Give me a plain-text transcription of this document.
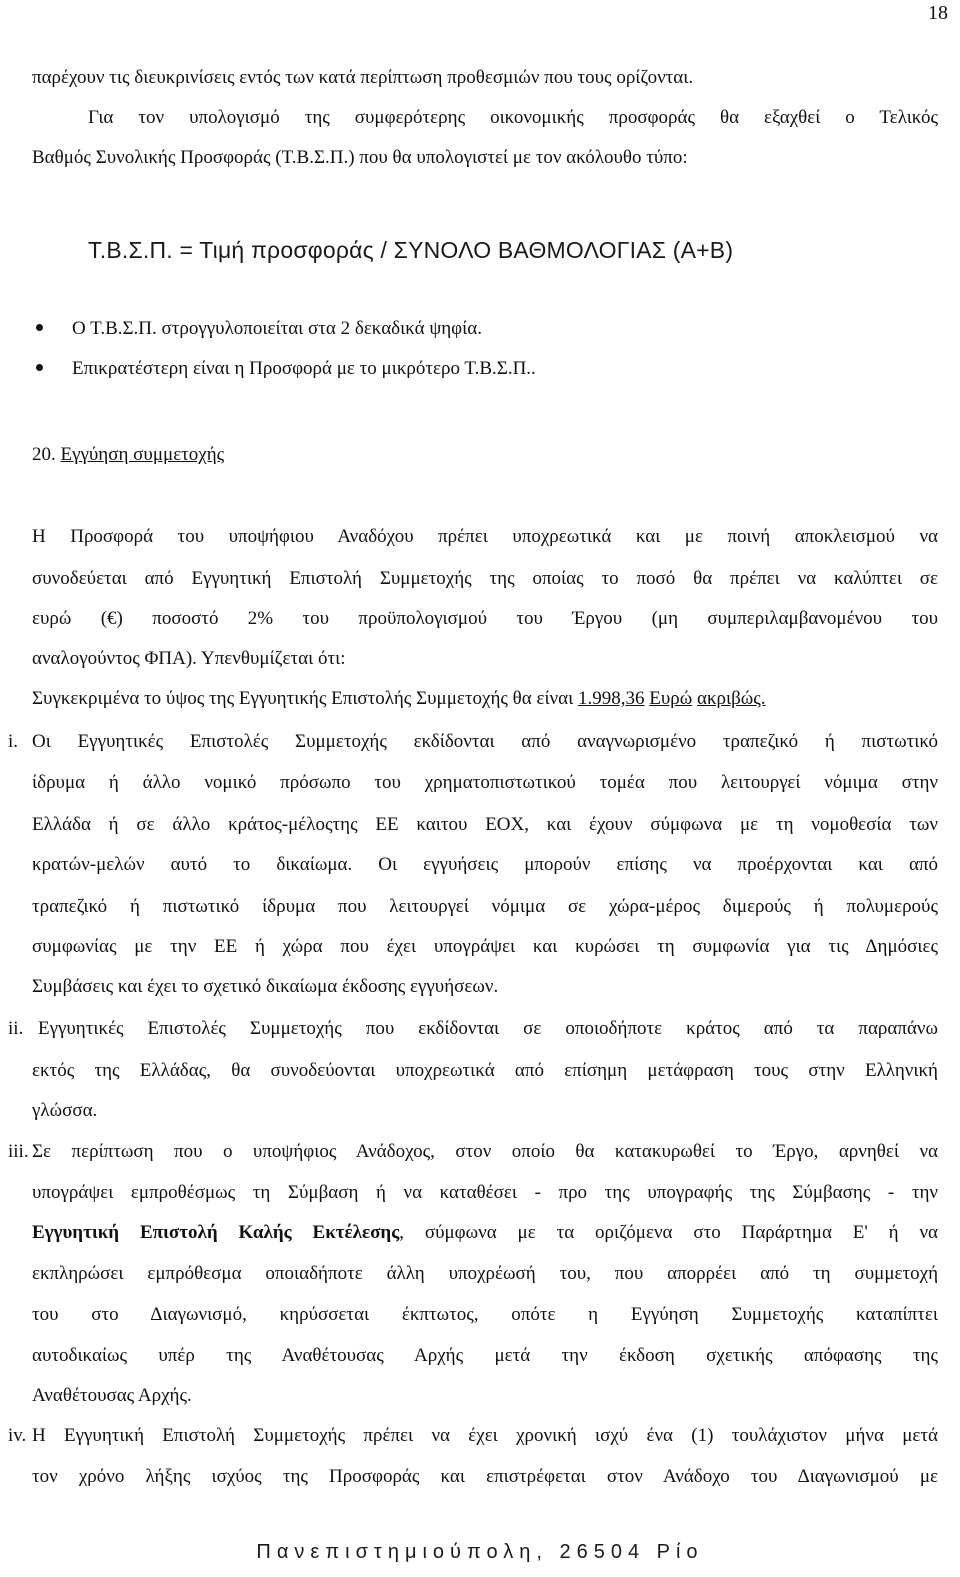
18
παρέχουν τις διευκρινίσεις εντός των κατά περίπτωση προθεσμιών που τους ορίζονται.
Για τον υπολογισμό της συμφερότερης οικονομικής προσφοράς θα εξαχθεί ο Τελικός
Βαθμός Συνολικής Προσφοράς (Τ.Β.Σ.Π.) που θα υπολογιστεί με τον ακόλουθο τύπο:
Τ.Β.Σ.Π. = Τιμή προσφοράς / ΣΥΝΟΛΟ ΒΑΘΜΟΛΟΓΙΑΣ (Α+Β)
Ο Τ.Β.Σ.Π. στρογγυλοποιείται στα 2 δεκαδικά ψηφία.
Επικρατέστερη είναι η Προσφορά με το μικρότερο Τ.Β.Σ.Π..
20. Εγγύηση συμμετοχής
Η Προσφορά του υποψήφιου Αναδόχου πρέπει υποχρεωτικά και με ποινή αποκλεισμού να
συνοδεύεται από Εγγυητική Επιστολή Συμμετοχής της οποίας το ποσό θα πρέπει να καλύπτει σε
ευρώ (€) ποσοστό 2% του προϋπολογισμού του Έργου (μη συμπεριλαμβανομένου του
αναλογούντος ΦΠΑ). Υπενθυμίζεται ότι:
Συγκεκριμένα το ύψος της Εγγυητικής Επιστολής Συμμετοχής θα είναι 1.998,36 Ευρώ ακριβώς.
i. Οι Εγγυητικές Επιστολές Συμμετοχής εκδίδονται από αναγνωρισμένο τραπεζικό ή πιστωτικό
ίδρυμα ή άλλο νομικό πρόσωπο του χρηματοπιστωτικού τομέα που λειτουργεί νόμιμα στην
Ελλάδα ή σε άλλο κράτος-μέλοςτης ΕΕ καιτου ΕΟΧ, και έχουν σύμφωνα με τη νομοθεσία των
κρατών-μελών αυτό το δικαίωμα. Οι εγγυήσεις μπορούν επίσης να προέρχονται και από
τραπεζικό ή πιστωτικό ίδρυμα που λειτουργεί νόμιμα σε χώρα-μέρος διμερούς ή πολυμερούς
συμφωνίας με την ΕΕ ή χώρα που έχει υπογράψει και κυρώσει τη συμφωνία για τις Δημόσιες
Συμβάσεις και έχει το σχετικό δικαίωμα έκδοσης εγγυήσεων.
ii. Εγγυητικές Επιστολές Συμμετοχής που εκδίδονται σε οποιοδήποτε κράτος από τα παραπάνω
εκτός της Ελλάδας, θα συνοδεύονται υποχρεωτικά από επίσημη μετάφραση τους στην Ελληνική
γλώσσα.
iii. Σε περίπτωση που ο υποψήφιος Ανάδοχος, στον οποίο θα κατακυρωθεί το Έργο, αρνηθεί να
υπογράψει εμπροθέσμως τη Σύμβαση ή να καταθέσει - προ της υπογραφής της Σύμβασης - την
Εγγυητική Επιστολή Καλής Εκτέλεσης, σύμφωνα με τα οριζόμενα στο Παράρτημα Ε' ή να
εκπληρώσει εμπρόθεσμα οποιαδήποτε άλλη υποχρέωσή του, που απορρέει από τη συμμετοχή
του στο Διαγωνισμό, κηρύσσεται έκπτωτος, οπότε η Εγγύηση Συμμετοχής καταπίπτει
αυτοδικαίως υπέρ της Αναθέτουσας Αρχής μετά την έκδοση σχετικής απόφασης της
Αναθέτουσας Αρχής.
iv. Η Εγγυητική Επιστολή Συμμετοχής πρέπει να έχει χρονική ισχύ ένα (1) τουλάχιστον μήνα μετά
τον χρόνο λήξης ισχύος της Προσφοράς και επιστρέφεται στον Ανάδοχο του Διαγωνισμού με
Πανεπιστημιούπολη, 26504 Ρίο
